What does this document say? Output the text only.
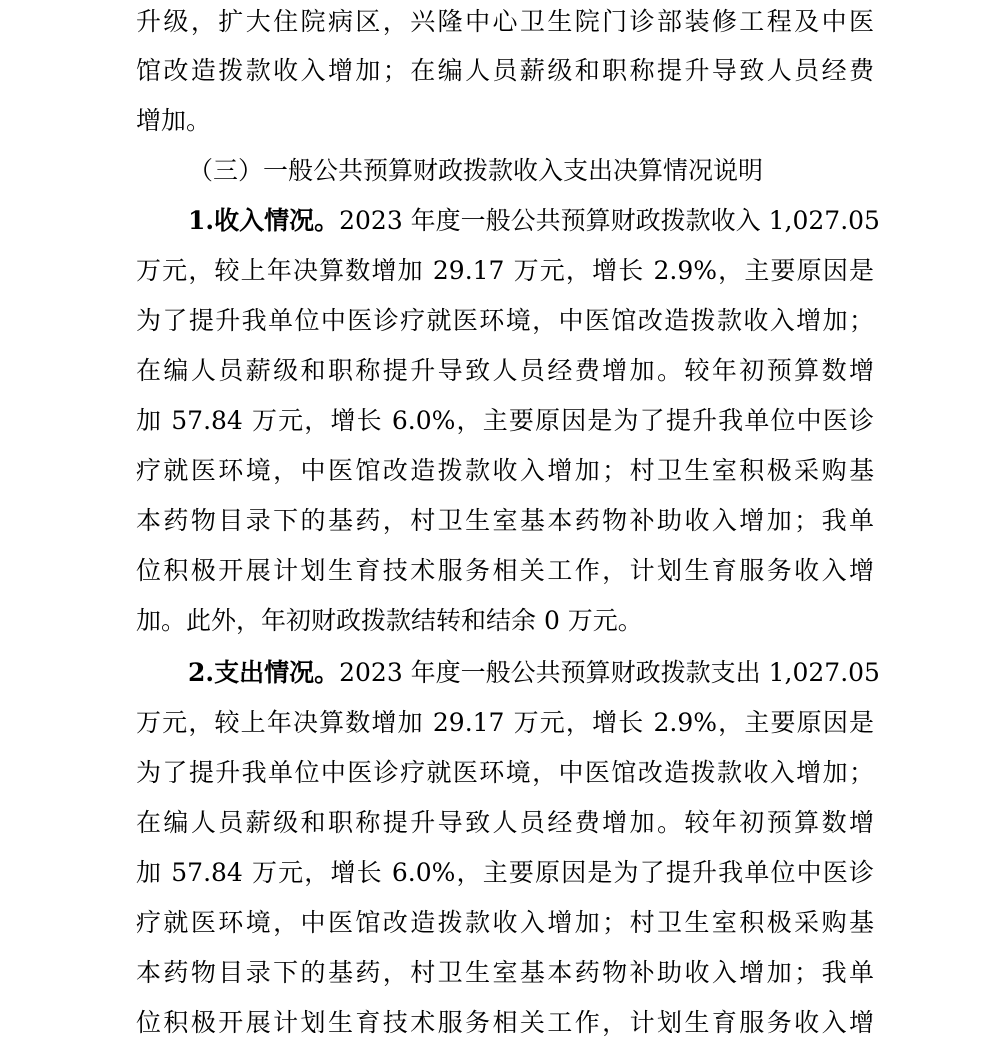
升级，扩大住院病区，兴隆中心卫生院门诊部装修工程及中医
馆改造拨款收入增加；在编人员薪级和职称提升导致人员经费
增加。
（三）一般公共预算财政拨款收入支出决算情况说明
1.收入情况。2023 年度一般公共预算财政拨款收入 1,027.05
万元，较上年决算数增加 29.17 万元，增长 2.9%，主要原因是
为了提升我单位中医诊疗就医环境，中医馆改造拨款收入增加；
在编人员薪级和职称提升导致人员经费增加。较年初预算数增
加 57.84 万元，增长 6.0%，主要原因是为了提升我单位中医诊
疗就医环境，中医馆改造拨款收入增加；村卫生室积极采购基
本药物目录下的基药，村卫生室基本药物补助收入增加；我单
位积极开展计划生育技术服务相关工作，计划生育服务收入增
加。此外，年初财政拨款结转和结余 0 万元。
2.支出情况。2023 年度一般公共预算财政拨款支出 1,027.05
万元，较上年决算数增加 29.17 万元，增长 2.9%，主要原因是
为了提升我单位中医诊疗就医环境，中医馆改造拨款收入增加；
在编人员薪级和职称提升导致人员经费增加。较年初预算数增
加 57.84 万元，增长 6.0%，主要原因是为了提升我单位中医诊
疗就医环境，中医馆改造拨款收入增加；村卫生室积极采购基
本药物目录下的基药，村卫生室基本药物补助收入增加；我单
位积极开展计划生育技术服务相关工作，计划生育服务收入增
